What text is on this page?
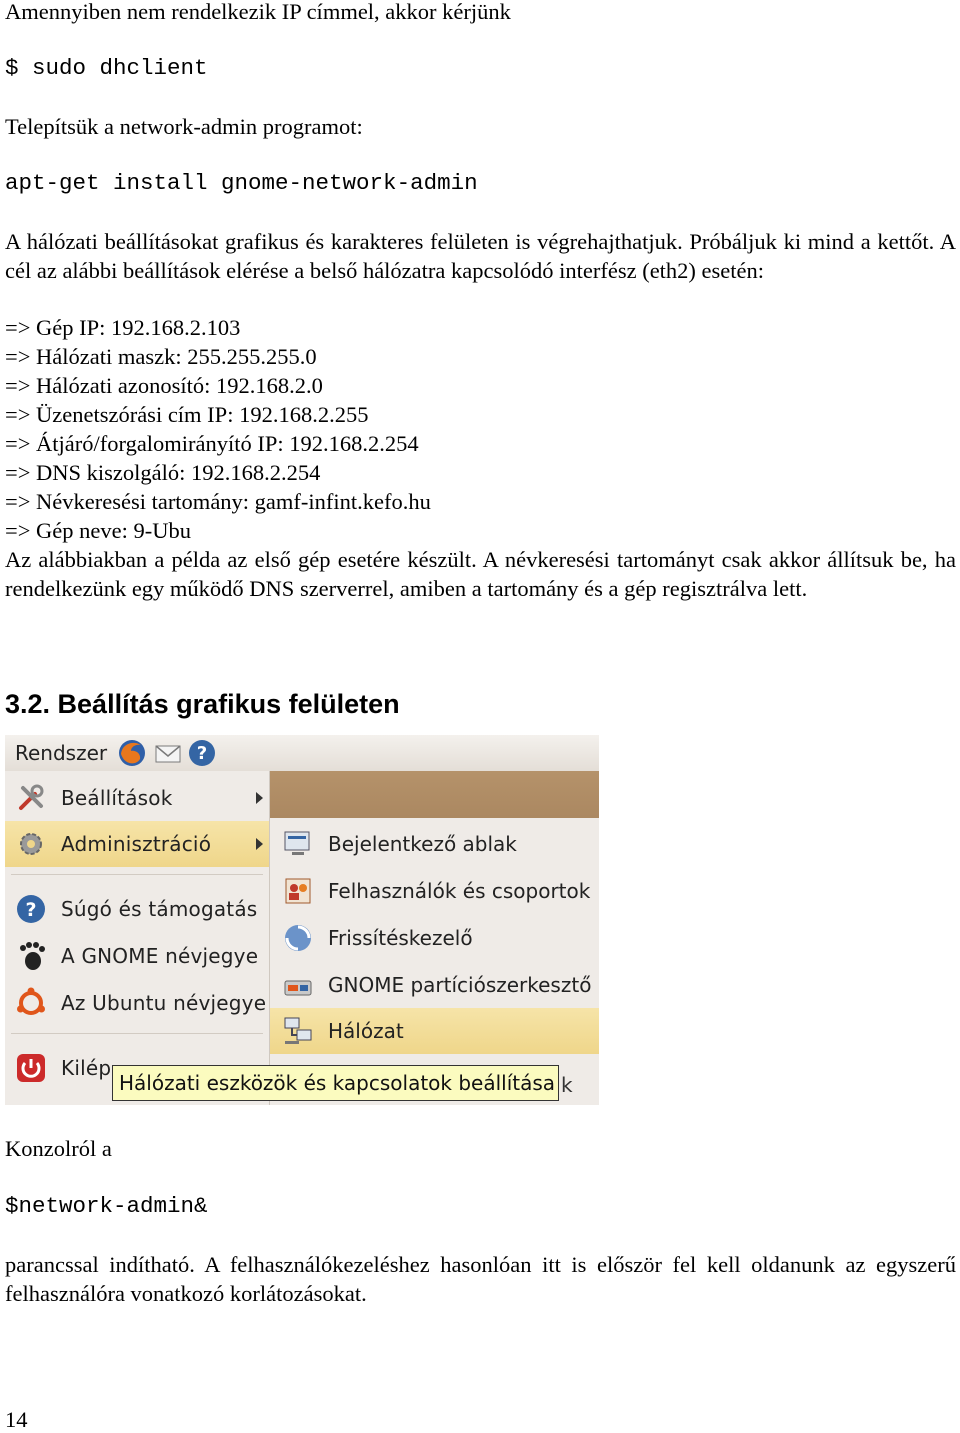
Amennyiben nem rendelkezik IP címmel, akkor kérjünk
$ sudo dhclient
Telepítsük a network-admin programot:
apt-get install gnome-network-admin
A hálózati beállításokat grafikus és karakteres felületen is végrehajthatjuk. Próbáljuk ki mind a kettőt. A cél az alábbi beállítások elérése a belső hálózatra kapcsolódó interfész (eth2) esetén:
=> Gép IP: 192.168.2.103
=> Hálózati maszk: 255.255.255.0
=> Hálózati azonosító: 192.168.2.0
=> Üzenetszórási cím IP: 192.168.2.255
=> Átjáró/forgalomirányító IP: 192.168.2.254
=> DNS kiszolgáló: 192.168.2.254
=> Névkeresési tartomány: gamf-infint.kefo.hu
=> Gép neve: 9-Ubu
Az alábbiakban a példa az első gép esetére készült. A névkeresési tartományt csak akkor állítsuk be, ha rendelkezünk egy működő DNS szerverrel, amiben a tartomány és a gép regisztrálva lett.
3.2. Beállítás grafikus felületen
Rendszer	?
Beállítások
Adminisztráció
? Súgó és támogatás
A GNOME névjegye
Az Ubuntu névjegye
Kilép
Bejelentkező ablak
Felhasználók és csoportok
Frissítéskezelő
GNOME partíciószerkesztő
Hálózat
Hálózati eszközök és kapcsolatok beállítása k
Konzolról a
$network-admin&
parancssal indítható. A felhasználókezeléshez hasonlóan itt is először fel kell oldanunk az egyszerű felhasználóra vonatkozó korlátozásokat.
14
